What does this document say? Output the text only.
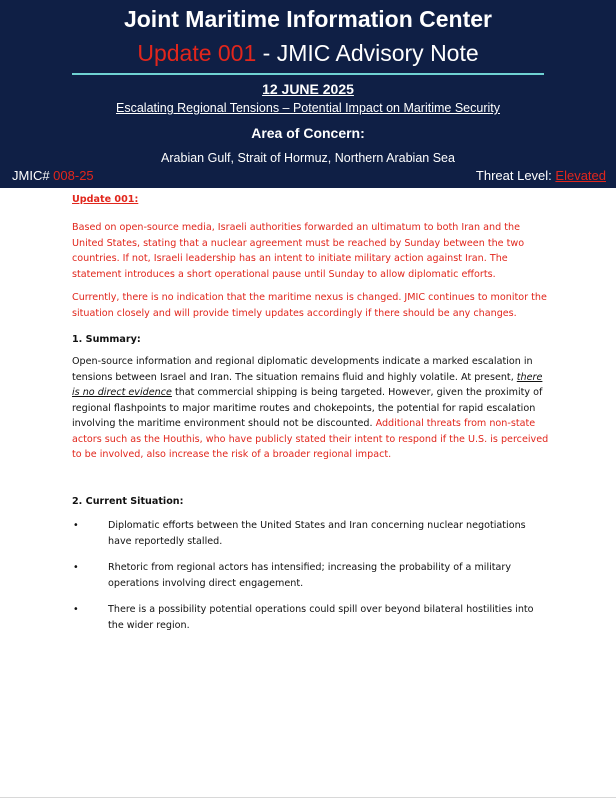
Joint Maritime Information Center
Update 001 - JMIC Advisory Note
12 JUNE 2025
Escalating Regional Tensions – Potential Impact on Maritime Security
Area of Concern:
Arabian Gulf, Strait of Hormuz, Northern Arabian Sea
JMIC# 008-25	Threat Level: Elevated

Update 001:

Based on open-source media, Israeli authorities forwarded an ultimatum to both Iran and the United States, stating that a nuclear agreement must be reached by Sunday between the two countries. If not, Israeli leadership has an intent to initiate military action against Iran. The statement introduces a short operational pause until Sunday to allow diplomatic efforts.

Currently, there is no indication that the maritime nexus is changed. JMIC continues to monitor the situation closely and will provide timely updates accordingly if there should be any changes.

1. Summary:

Open-source information and regional diplomatic developments indicate a marked escalation in tensions between Israel and Iran. The situation remains fluid and highly volatile. At present, there is no direct evidence that commercial shipping is being targeted. However, given the proximity of regional flashpoints to major maritime routes and chokepoints, the potential for rapid escalation involving the maritime environment should not be discounted. Additional threats from non-state actors such as the Houthis, who have publicly stated their intent to respond if the U.S. is perceived to be involved, also increase the risk of a broader regional impact.

2. Current Situation:

•	Diplomatic efforts between the United States and Iran concerning nuclear negotiations have reportedly stalled.
•	Rhetoric from regional actors has intensified; increasing the probability of a military operations involving direct engagement.
•	There is a possibility potential operations could spill over beyond bilateral hostilities into the wider region.
